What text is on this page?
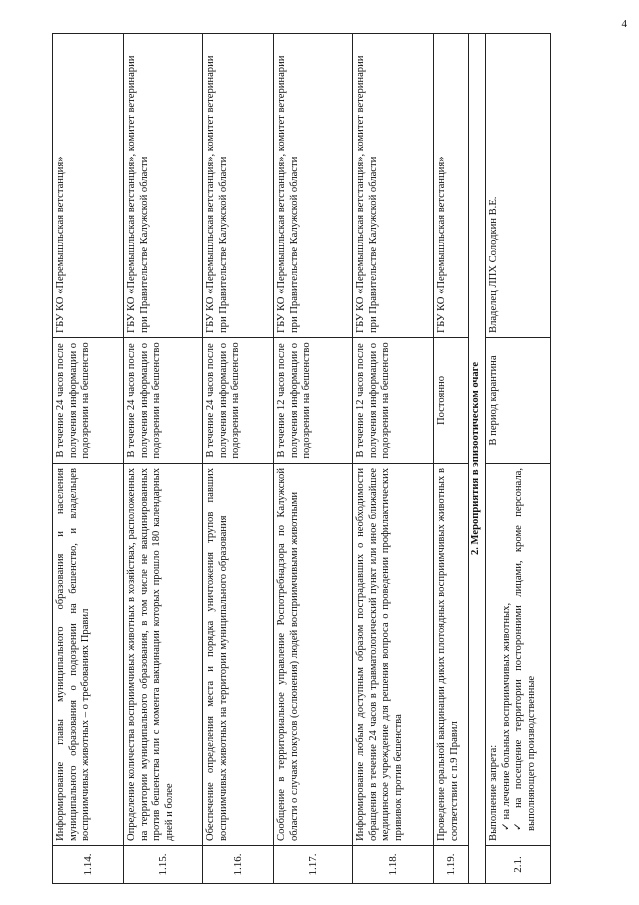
4
1.14.	Информирование главы муниципального образования и населения муниципального образования о подозрении на бешенство, и владельцев восприимчивых животных – о требованиях Правил	В течение 24 часов после получения информации о подозрении на бешенство	ГБУ КО «Перемышльская ветстанция»
1.15.	Определение количества восприимчивых животных в хозяйствах, расположенных на территории муниципального образования, в том числе не вакцинированных против бешенства или с момента вакцинации которых прошло 180 календарных дней и более	В течение 24 часов после получения информации о подозрении на бешенство	ГБУ КО «Перемышльская ветстанция», комитет ветеринарии при Правительстве Калужской области
1.16.	Обеспечение определения места и порядка уничтожения трупов павших восприимчивых животных на территории муниципального образования	В течение 24 часов после получения информации о подозрении на бешенство	ГБУ КО «Перемышльская ветстанция», комитет ветеринарии при Правительстве Калужской области
1.17.	Сообщение в территориальное управление Роспотребнадзора по Калужской области о случаях покусов (ослюнения) людей восприимчивыми животными	В течение 12 часов после получения информации о подозрении на бешенство	ГБУ КО «Перемышльская ветстанция», комитет ветеринарии при Правительстве Калужской области
1.18.	Информирование любым доступным образом пострадавших о необходимости обращения в течение 24 часов в травматологический пункт или иное ближайшее медицинское учреждение для решения вопроса о проведении профилактических прививок против бешенства	В течение 12 часов после получения информации о подозрении на бешенство	ГБУ КО «Перемышльская ветстанция», комитет ветеринарии при Правительстве Калужской области
1.19.	Проведение оральной вакцинации диких плотоядных восприимчивых животных в соответствии с п.9 Правил	Постоянно	ГБУ КО «Перемышльская ветстанция»
2. Мероприятия в эпизоотическом очаге			
2.1.	Выполнение запрета: ✓ на лечение больных восприимчивых животных, ✓ на посещение территории посторонними лицами, кроме персонала, выполняющего производственные	В период карантина	Владелец ЛПХ Солодкин В.Е.
